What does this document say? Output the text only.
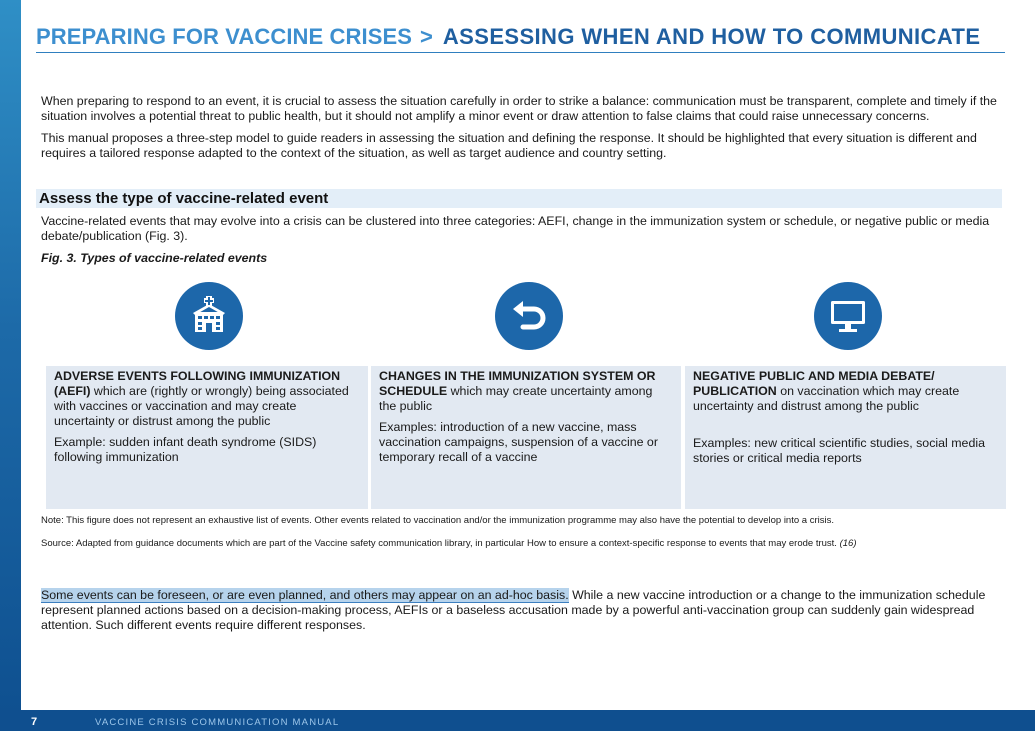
PREPARING FOR VACCINE CRISES > ASSESSING WHEN AND HOW TO COMMUNICATE
When preparing to respond to an event, it is crucial to assess the situation carefully in order to strike a balance: communication must be transparent, complete and timely if the situation involves a potential threat to public health, but it should not amplify a minor event or draw attention to false claims that could raise unnecessary concerns.
This manual proposes a three-step model to guide readers in assessing the situation and defining the response. It should be highlighted that every situation is different and requires a tailored response adapted to the context of the situation, as well as target audience and country setting.
Assess the type of vaccine-related event
Vaccine-related events that may evolve into a crisis can be clustered into three categories: AEFI, change in the immunization system or schedule, or negative public or media debate/publication (Fig. 3).
Fig. 3. Types of vaccine-related events
ADVERSE EVENTS FOLLOWING IMMUNIZATION (AEFI) which are (rightly or wrongly) being associated with vaccines or vaccination and may create uncertainty or distrust among the public
Example: sudden infant death syndrome (SIDS) following immunization
CHANGES IN THE IMMUNIZATION SYSTEM OR SCHEDULE which may create uncertainty among the public
Examples: introduction of a new vaccine, mass vaccination campaigns, suspension of a vaccine or temporary recall of a vaccine
NEGATIVE PUBLIC AND MEDIA DEBATE/ PUBLICATION on vaccination which may create uncertainty and distrust among the public
Examples: new critical scientific studies, social media stories or critical media reports
Note: This figure does not represent an exhaustive list of events. Other events related to vaccination and/or the immunization programme may also have the potential to develop into a crisis.
Source: Adapted from guidance documents which are part of the Vaccine safety communication library, in particular How to ensure a context-specific response to events that may erode trust. (16)
Some events can be foreseen, or are even planned, and others may appear on an ad-hoc basis. While a new vaccine introduction or a change to the immunization schedule represent planned actions based on a decision-making process, AEFIs or a baseless accusation made by a powerful anti-vaccination group can suddenly gain widespread attention. Such different events require different responses.
7	VACCINE CRISIS COMMUNICATION MANUAL
